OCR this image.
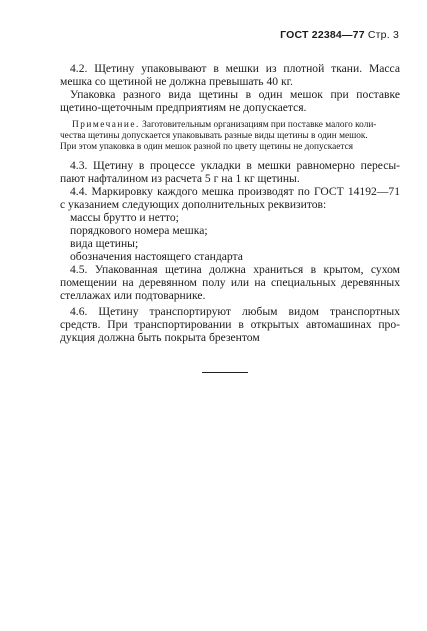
ГОСТ 22384—77 Стр. 3
4.2. Щетину упаковывают в мешки из плотной ткани. Масса
мешка со щетиной не должна превышать 40 кг.
Упаковка разного вида щетины в один мешок при поставке
щетино-щеточным предприятиям не допускается.
Примечание. Заготовительным организациям при поставке малого коли-
чества щетины допускается упаковывать разные виды щетины в один мешок.
При этом упаковка в один мешок разной по цвету щетины не допускается
4.3. Щетину в процессе укладки в мешки равномерно пересы-
пают нафталином из расчета 5 г на 1 кг щетины.
4.4. Маркировку каждого мешка производят по ГОСТ 14192—71
с указанием следующих дополнительных реквизитов:
массы брутто и нетто;
порядкового номера мешка;
вида щетины;
обозначения настоящего стандарта
4.5. Упакованная щетина должна храниться в крытом, сухом
помещении на деревянном полу или на специальных деревянных
стеллажах или подтоварнике.
4.6. Щетину транспортируют любым видом транспортных
средств. При транспортировании в открытых автомашинах про-
дукция должна быть покрыта брезентом
